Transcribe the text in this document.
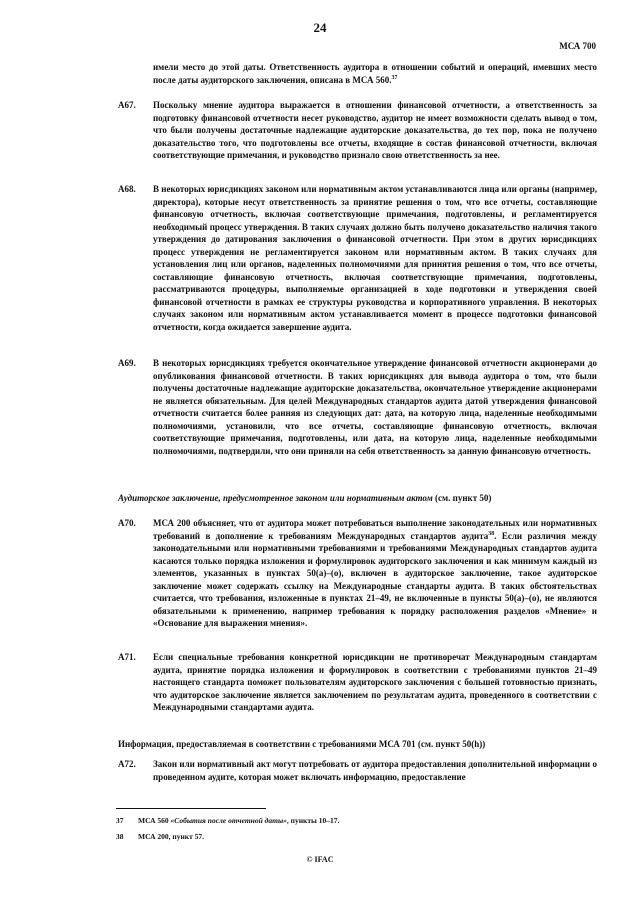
24
МСА 700
имели место до этой даты. Ответственность аудитора в отношении событий и операций, имевших место после даты аудиторского заключения, описана в МСА 560.37
А67. Поскольку мнение аудитора выражается в отношении финансовой отчетности, а ответственность за подготовку финансовой отчетности несет руководство, аудитор не имеет возможности сделать вывод о том, что были получены достаточные надлежащие аудиторские доказательства, до тех пор, пока не получено доказательство того, что подготовлены все отчеты, входящие в состав финансовой отчетности, включая соответствующие примечания, и руководство признало свою ответственность за нее.
А68. В некоторых юрисдикциях законом или нормативным актом устанавливаются лица или органы (например, директора), которые несут ответственность за принятие решения о том, что все отчеты, составляющие финансовую отчетность, включая соответствующие примечания, подготовлены, и регламентируется необходимый процесс утверждения. В таких случаях должно быть получено доказательство наличия такого утверждения до датирования заключения о финансовой отчетности. При этом в других юрисдикциях процесс утверждения не регламентируется законом или нормативным актом. В таких случаях для установления лиц или органов, наделенных полномочиями для принятия решения о том, что все отчеты, составляющие финансовую отчетность, включая соответствующие примечания, подготовлены, рассматриваются процедуры, выполняемые организацией в ходе подготовки и утверждения своей финансовой отчетности в рамках ее структуры руководства и корпоративного управления. В некоторых случаях законом или нормативным актом устанавливается момент в процессе подготовки финансовой отчетности, когда ожидается завершение аудита.
А69. В некоторых юрисдикциях требуется окончательное утверждение финансовой отчетности акционерами до опубликования финансовой отчетности. В таких юрисдикциях для вывода аудитора о том, что были получены достаточные надлежащие аудиторские доказательства, окончательное утверждение акционерами не является обязательным. Для целей Международных стандартов аудита датой утверждения финансовой отчетности считается более ранняя из следующих дат: дата, на которую лица, наделенные необходимыми полномочиями, установили, что все отчеты, составляющие финансовую отчетность, включая соответствующие примечания, подготовлены, или дата, на которую лица, наделенные необходимыми полномочиями, подтвердили, что они приняли на себя ответственность за данную финансовую отчетность.
Аудиторское заключение, предусмотренное законом или нормативным актом (см. пункт 50)
А70. МСА 200 объясняет, что от аудитора может потребоваться выполнение законодательных или нормативных требований в дополнение к требованиям Международных стандартов аудита$^{38}$. Если различия между законодательными или нормативными требованиями и требованиями Международных стандартов аудита касаются только порядка изложения и формулировок аудиторского заключения и как минимум каждый из элементов, указанных в пунктах 50(а)–(о), включен в аудиторское заключение, такое аудиторское заключение может содержать ссылку на Международные стандарты аудита. В таких обстоятельствах считается, что требования, изложенные в пунктах 21–49, не включенные в пункты 50(а)–(о), не являются обязательными к применению, например требования к порядку расположения разделов «Мнение» и «Основание для выражения мнения».
А71. Если специальные требования конкретной юрисдикции не противоречат Международным стандартам аудита, принятие порядка изложения и формулировок в соответствии с требованиями пунктов 21–49 настоящего стандарта поможет пользователям аудиторского заключения с большей готовностью признать, что аудиторское заключение является заключением по результатам аудита, проведенного в соответствии с Международными стандартами аудита.
Информация, предоставляемая в соответствии с требованиями МСА 701 (см. пункт 50(h))
А72. Закон или нормативный акт могут потребовать от аудитора предоставления дополнительной информации о проведенном аудите, которая может включать информацию, предоставление
37 МСА 560 «События после отчетной даты», пункты 10–17.
38 МСА 200, пункт 57.
© IFAC
